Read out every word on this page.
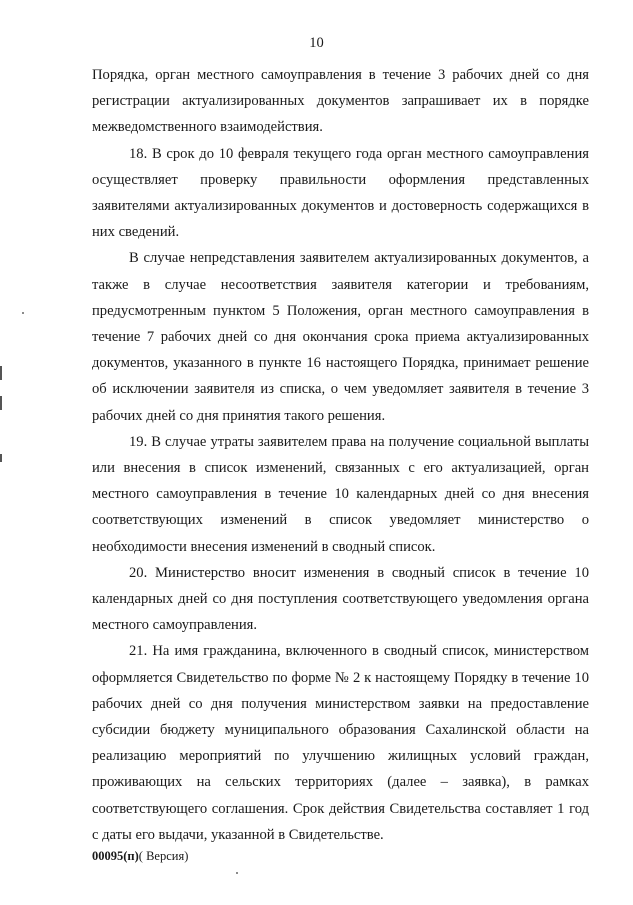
10

Порядка, орган местного самоуправления в течение 3 рабочих дней со дня регистрации актуализированных документов запрашивает их в порядке межведомственного взаимодействия.

18. В срок до 10 февраля текущего года орган местного самоуправления осуществляет проверку правильности оформления представленных заявителями актуализированных документов и достоверность содержащихся в них сведений.

В случае непредставления заявителем актуализированных документов, а также в случае несоответствия заявителя категории и требованиям, предусмотренным пунктом 5 Положения, орган местного самоуправления в течение 7 рабочих дней со дня окончания срока приема актуализированных документов, указанного в пункте 16 настоящего Порядка, принимает решение об исключении заявителя из списка, о чем уведомляет заявителя в течение 3 рабочих дней со дня принятия такого решения.

19. В случае утраты заявителем права на получение социальной выплаты или внесения в список изменений, связанных с его актуализацией, орган местного самоуправления в течение 10 календарных дней со дня внесения соответствующих изменений в список уведомляет министерство о необходимости внесения изменений в сводный список.

20. Министерство вносит изменения в сводный список в течение 10 календарных дней со дня поступления соответствующего уведомления органа местного самоуправления.

21. На имя гражданина, включенного в сводный список, министерством оформляется Свидетельство по форме № 2 к настоящему Порядку в течение 10 рабочих дней со дня получения министерством заявки на предоставление субсидии бюджету муниципального образования Сахалинской области на реализацию мероприятий по улучшению жилищных условий граждан, проживающих на сельских территориях (далее – заявка), в рамках соответствующего соглашения. Срок действия Свидетельства составляет 1 год с даты его выдачи, указанной в Свидетельстве.

00095(п)( Версия)
